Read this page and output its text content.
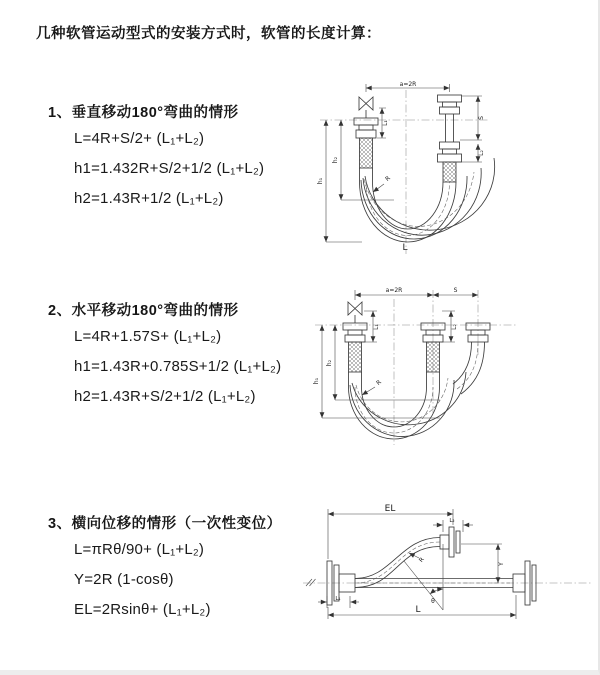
几种软管运动型式的安装方式时，软管的长度计算：
1、垂直移动180°弯曲的情形
L=4R+S/2+ (L₁+L₂)
h1=1.432R+S/2+1/2 (L₁+L₂)
h2=1.43R+1/2 (L₁+L₂)
a=2R
S
L₂
L₁
h₂
h₁	R
L
2、水平移动180°弯曲的情形
L=4R+1.57S+ (L₁+L₂)
h1=1.43R+0.785S+1/2 (L₁+L₂)
h2=1.43R+S/2+1/2 (L₁+L₂)
a=2R	S
L₁	L₂
h₂
h₁	R
3、横向位移的情形（一次性变位）
L=πRθ/90+ (L₁+L₂)
Y=2R (1-cosθ)
EL=2Rsinθ+ (L₁+L₂)
EL
L₂
Y
L
L₁
R
θ
